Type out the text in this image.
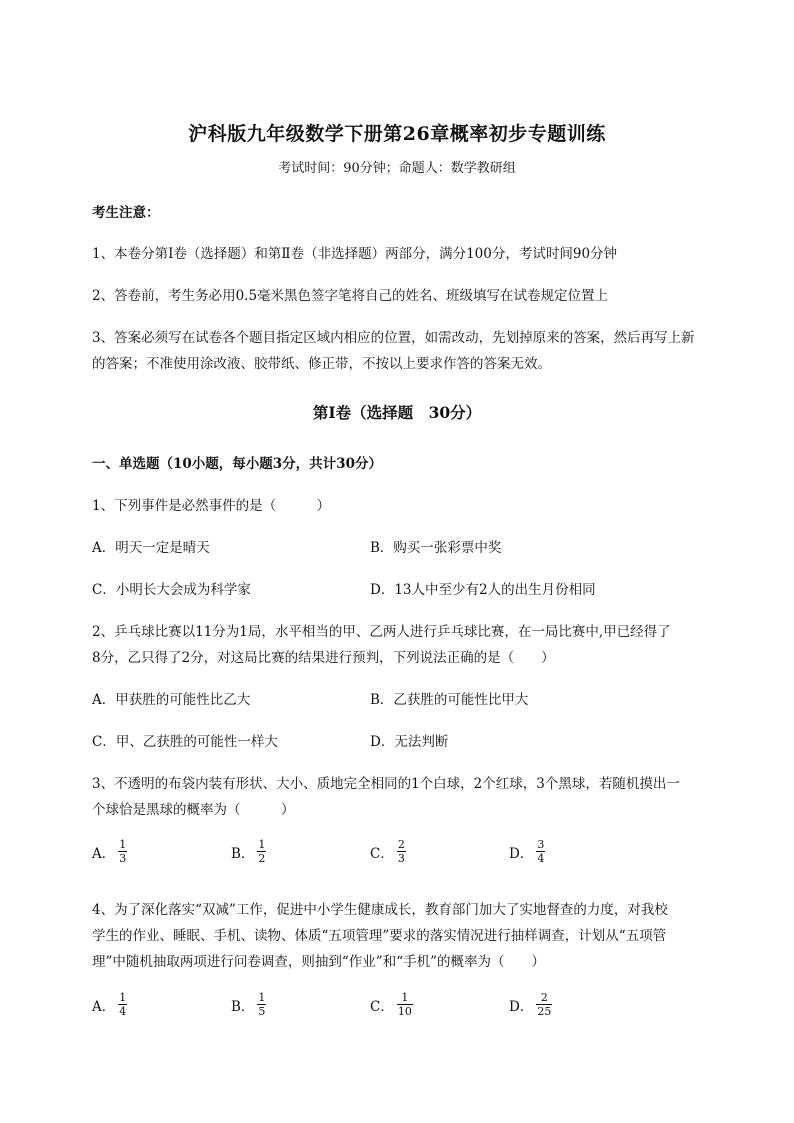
沪科版九年级数学下册第26章概率初步专题训练
考试时间：90分钟；命题人：数学教研组
考生注意：
1、本卷分第I卷（选择题）和第Ⅱ卷（非选择题）两部分，满分100分，考试时间90分钟
2、答卷前，考生务必用0.5毫米黑色签字笔将自己的姓名、班级填写在试卷规定位置上
3、答案必须写在试卷各个题目指定区域内相应的位置，如需改动，先划掉原来的答案，然后再写上新
的答案；不准使用涂改液、胶带纸、修正带，不按以上要求作答的答案无效。
第I卷（选择题　30分）
一、单选题（10小题，每小题3分，共计30分）
1、下列事件是必然事件的是（　　　）
A．明天一定是晴天	B．购买一张彩票中奖
C．小明长大会成为科学家	D．13人中至少有2人的出生月份相同
2、乒乓球比赛以11分为1局，水平相当的甲、乙两人进行乒乓球比赛，在一局比赛中,甲已经得了
8分，乙只得了2分，对这局比赛的结果进行预判，下列说法正确的是（　　）
A．甲获胜的可能性比乙大	B．乙获胜的可能性比甲大
C．甲、乙获胜的可能性一样大	D．无法判断
3、不透明的布袋内装有形状、大小、质地完全相同的1个白球，2个红球，3个黑球，若随机摸出一
个球恰是黑球的概率为（　　　）
A． $\frac{1}{3}$	B． $\frac{1}{2}$	C． $\frac{2}{3}$	D． $\frac{3}{4}$
4、为了深化落实“双减”工作，促进中小学生健康成长，教育部门加大了实地督查的力度，对我校
学生的作业、睡眠、手机、读物、体质“五项管理”要求的落实情况进行抽样调查，计划从“五项管
理”中随机抽取两项进行问卷调查，则抽到“作业”和“手机”的概率为（　　）
A． $\frac{1}{4}$	B． $\frac{1}{5}$	C． $\frac{1}{10}$	D． $\frac{2}{25}$
